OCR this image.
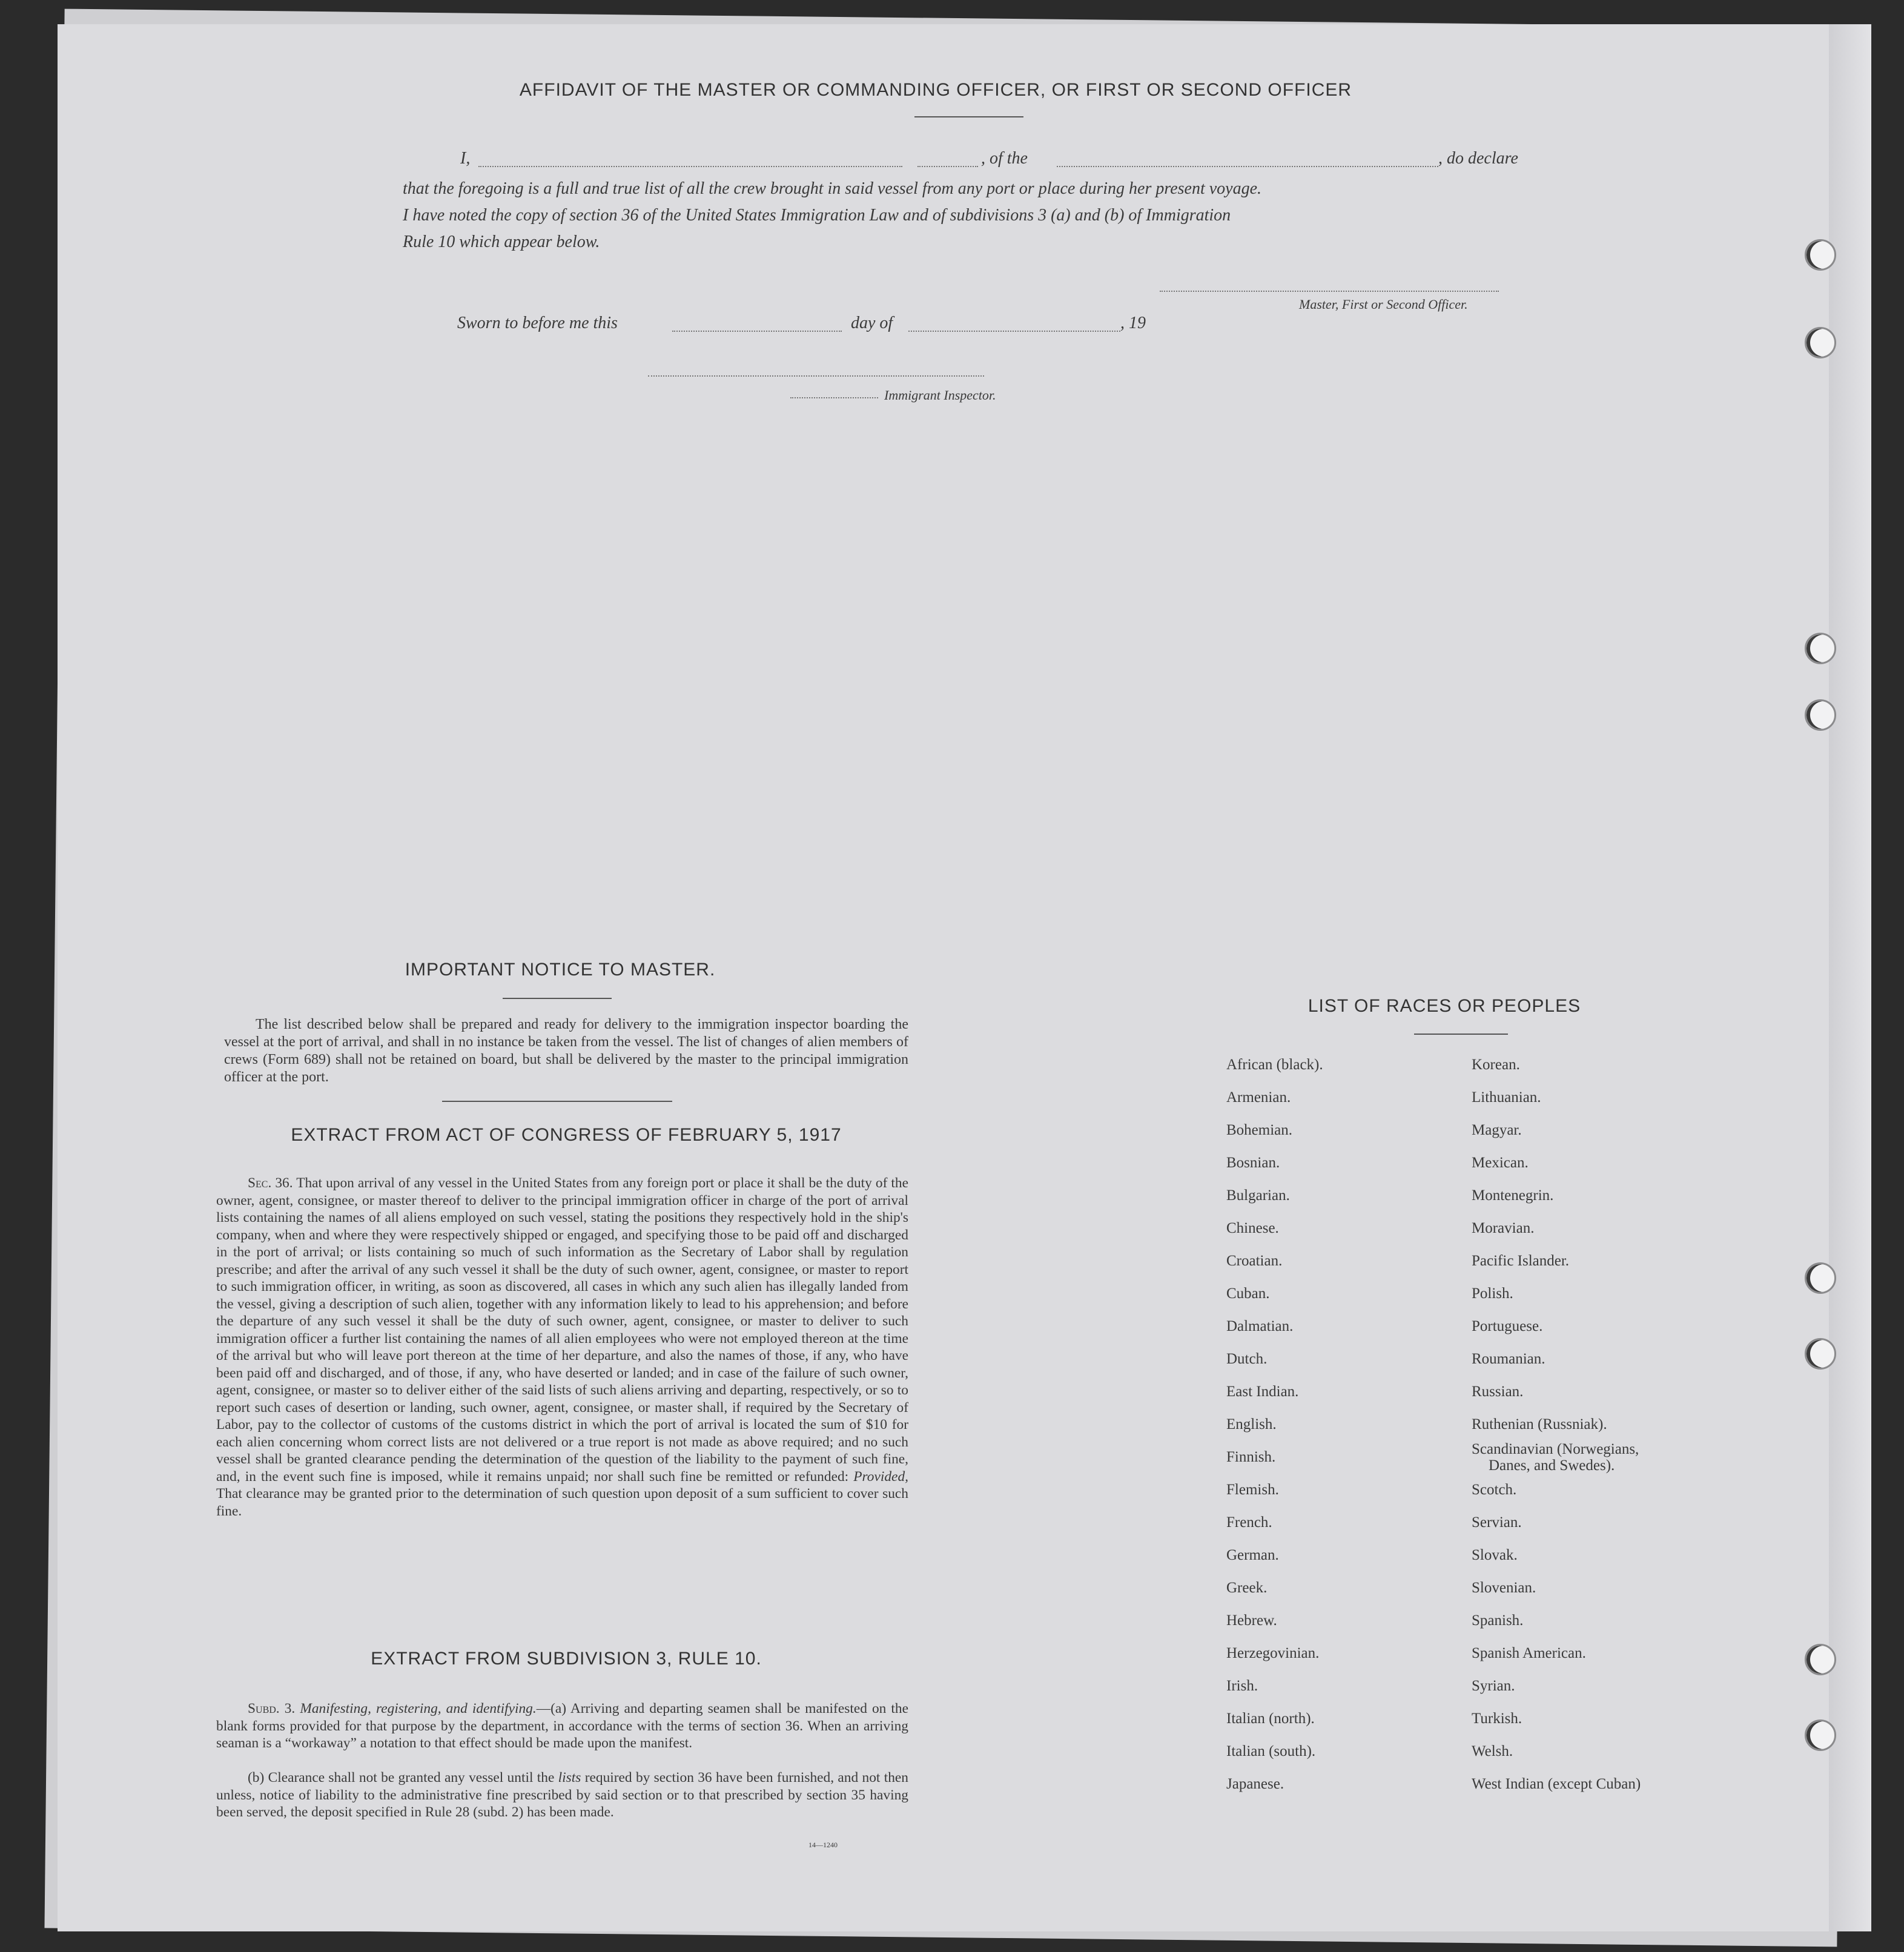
AFFIDAVIT OF THE MASTER OR COMMANDING OFFICER, OR FIRST OR SECOND OFFICER
I,	, of the	, do declare
that the foregoing is a full and true list of all the crew brought in said vessel from any port or place during her present voyage.
I have noted the copy of section 36 of the United States Immigration Law and of subdivisions 3 (a) and (b) of Immigration
Rule 10 which appear below.
Master, First or Second Officer.
Sworn to before me this	day of	, 19
Immigrant Inspector.
IMPORTANT NOTICE TO MASTER.
The list described below shall be prepared and ready for delivery to the immigration inspector boarding the vessel at the port of arrival, and shall in no instance be taken from the vessel. The list of changes of alien members of crews (Form 689) shall not be retained on board, but shall be delivered by the master to the principal immigration officer at the port.
EXTRACT FROM ACT OF CONGRESS OF FEBRUARY 5, 1917
Sec. 36. That upon arrival of any vessel in the United States from any foreign port or place it shall be the duty of the owner, agent, consignee, or master thereof to deliver to the principal immigration officer in charge of the port of arrival lists containing the names of all aliens employed on such vessel, stating the positions they respectively hold in the ship's company, when and where they were respectively shipped or engaged, and specifying those to be paid off and discharged in the port of arrival; or lists containing so much of such information as the Secretary of Labor shall by regulation prescribe; and after the arrival of any such vessel it shall be the duty of such owner, agent, consignee, or master to report to such immigration officer, in writing, as soon as discovered, all cases in which any such alien has illegally landed from the vessel, giving a description of such alien, together with any information likely to lead to his apprehension; and before the departure of any such vessel it shall be the duty of such owner, agent, consignee, or master to deliver to such immigration officer a further list containing the names of all alien employees who were not employed thereon at the time of the arrival but who will leave port thereon at the time of her departure, and also the names of those, if any, who have been paid off and discharged, and of those, if any, who have deserted or landed; and in case of the failure of such owner, agent, consignee, or master so to deliver either of the said lists of such aliens arriving and departing, respectively, or so to report such cases of desertion or landing, such owner, agent, consignee, or master shall, if required by the Secretary of Labor, pay to the collector of customs of the customs district in which the port of arrival is located the sum of $10 for each alien concerning whom correct lists are not delivered or a true report is not made as above required; and no such vessel shall be granted clearance pending the determination of the question of the liability to the payment of such fine, and, in the event such fine is imposed, while it remains unpaid; nor shall such fine be remitted or refunded: Provided, That clearance may be granted prior to the determination of such question upon deposit of a sum sufficient to cover such fine.
EXTRACT FROM SUBDIVISION 3, RULE 10.
Subd. 3. Manifesting, registering, and identifying.—(a) Arriving and departing seamen shall be manifested on the blank forms provided for that purpose by the department, in accordance with the terms of section 36. When an arriving seaman is a “workaway” a notation to that effect should be made upon the manifest.
(b) Clearance shall not be granted any vessel until the lists required by section 36 have been furnished, and not then unless, notice of liability to the administrative fine prescribed by said section or to that prescribed by section 35 having been served, the deposit specified in Rule 28 (subd. 2) has been made.
14—1240
LIST OF RACES OR PEOPLES
African (black).
Armenian.
Bohemian.
Bosnian.
Bulgarian.
Chinese.
Croatian.
Cuban.
Dalmatian.
Dutch.
East Indian.
English.
Finnish.
Flemish.
French.
German.
Greek.
Hebrew.
Herzegovinian.
Irish.
Italian (north).
Italian (south).
Japanese.
Korean.
Lithuanian.
Magyar.
Mexican.
Montenegrin.
Moravian.
Pacific Islander.
Polish.
Portuguese.
Roumanian.
Russian.
Ruthenian (Russniak).
Scandinavian (Norwegians,
Danes, and Swedes).
Scotch.
Servian.
Slovak.
Slovenian.
Spanish.
Spanish American.
Syrian.
Turkish.
Welsh.
West Indian (except Cuban)
